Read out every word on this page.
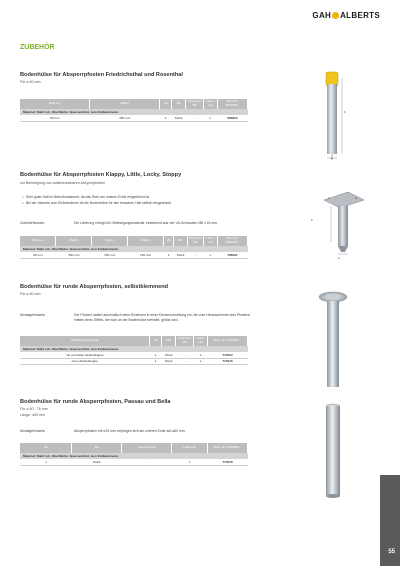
GAH ALBERTS
ZUBEHÖR
Bodenhülse für Absperrpfosten Friedrichsthal und Rosenthal
Für ⌀ 60 mm
Maß a ⌀	Maß b	VE	PE	Inhalt pro PE	Liefer-zeit	Best.-Nr. 4004358...
Material: Stahl roh, Oberfläche: feuerverzinkt, zum Einbetonieren						
60 mm	450 mm	1	Stück	-	L	686854
b
a
Bodenhülse für Absperrpfosten Klappy, Little, Locky, Stoppy
zur Befestigung von aufschraubbaren Absperrpfosten
● Sehr guter Halt im Betonfundament, da das Rohr am unteren Ende eingedrückt ist.
● Bei der Variante zum Einbetonieren ist die Bodenhülse für den besseren Halt seitlich eingedrückt.
Zubehörhinweis:	Die Lieferung erfolgt inkl. Befestigungsmaterial, bestehend aus vier VA-Schrauben M8 x 16 mm.
Maß a ⌀	Maß b	Maß c	Maß d	VE	PE	Inhalt pro PE	Liefer-zeit	Best.-Nr. 4004358...
Material: Stahl roh, Oberfläche: feuerverzinkt, zum Einbetonieren								
60 mm	450 mm	150 mm	150 mm	1	Stück	-	L	796021
b
a
c	d
Bodenhülse für runde Absperrpfosten, selbstklemmend
Für ⌀ 60 mm
Montagehinweis:	Der Pfosten radiert automatisch beim Einsetzen in einer Klemmvorrichtung ein, die zum Herausnehmen des Pfostens mittels eines Stiftes, der sich an der Bodenhülse befindet, gelöst wird.
Artikelbeschreibung	VE	PE	Inhalt pro PE	Liefer-zeit	Best.-Nr. 4004358...
Material: Stahl roh, Oberfläche: feuerverzinkt, zum Einbetonieren					
mit verzinkter Abdeckkappe	1	Stück	-	L	774622
ohne Abdeckkappe	1	Stück	-	L	774615
Bodenhülse für runde Absperrpfosten, Passau und Bella
Für ⌀ 60 - 76 mm
Länge: 400 mm
Montagehinweis:	Absperrpfosten mit ⌀76 mm verjüngen sich am unteren Ende auf ⌀60 mm.
VE	PE	Inhalt pro PE	Lieferzeit	Best.-Nr. 4004358...
Material: Stahl roh, Oberfläche: feuerverzinkt, zum Einbetonieren				
1	Stück	-	L	774646
55
